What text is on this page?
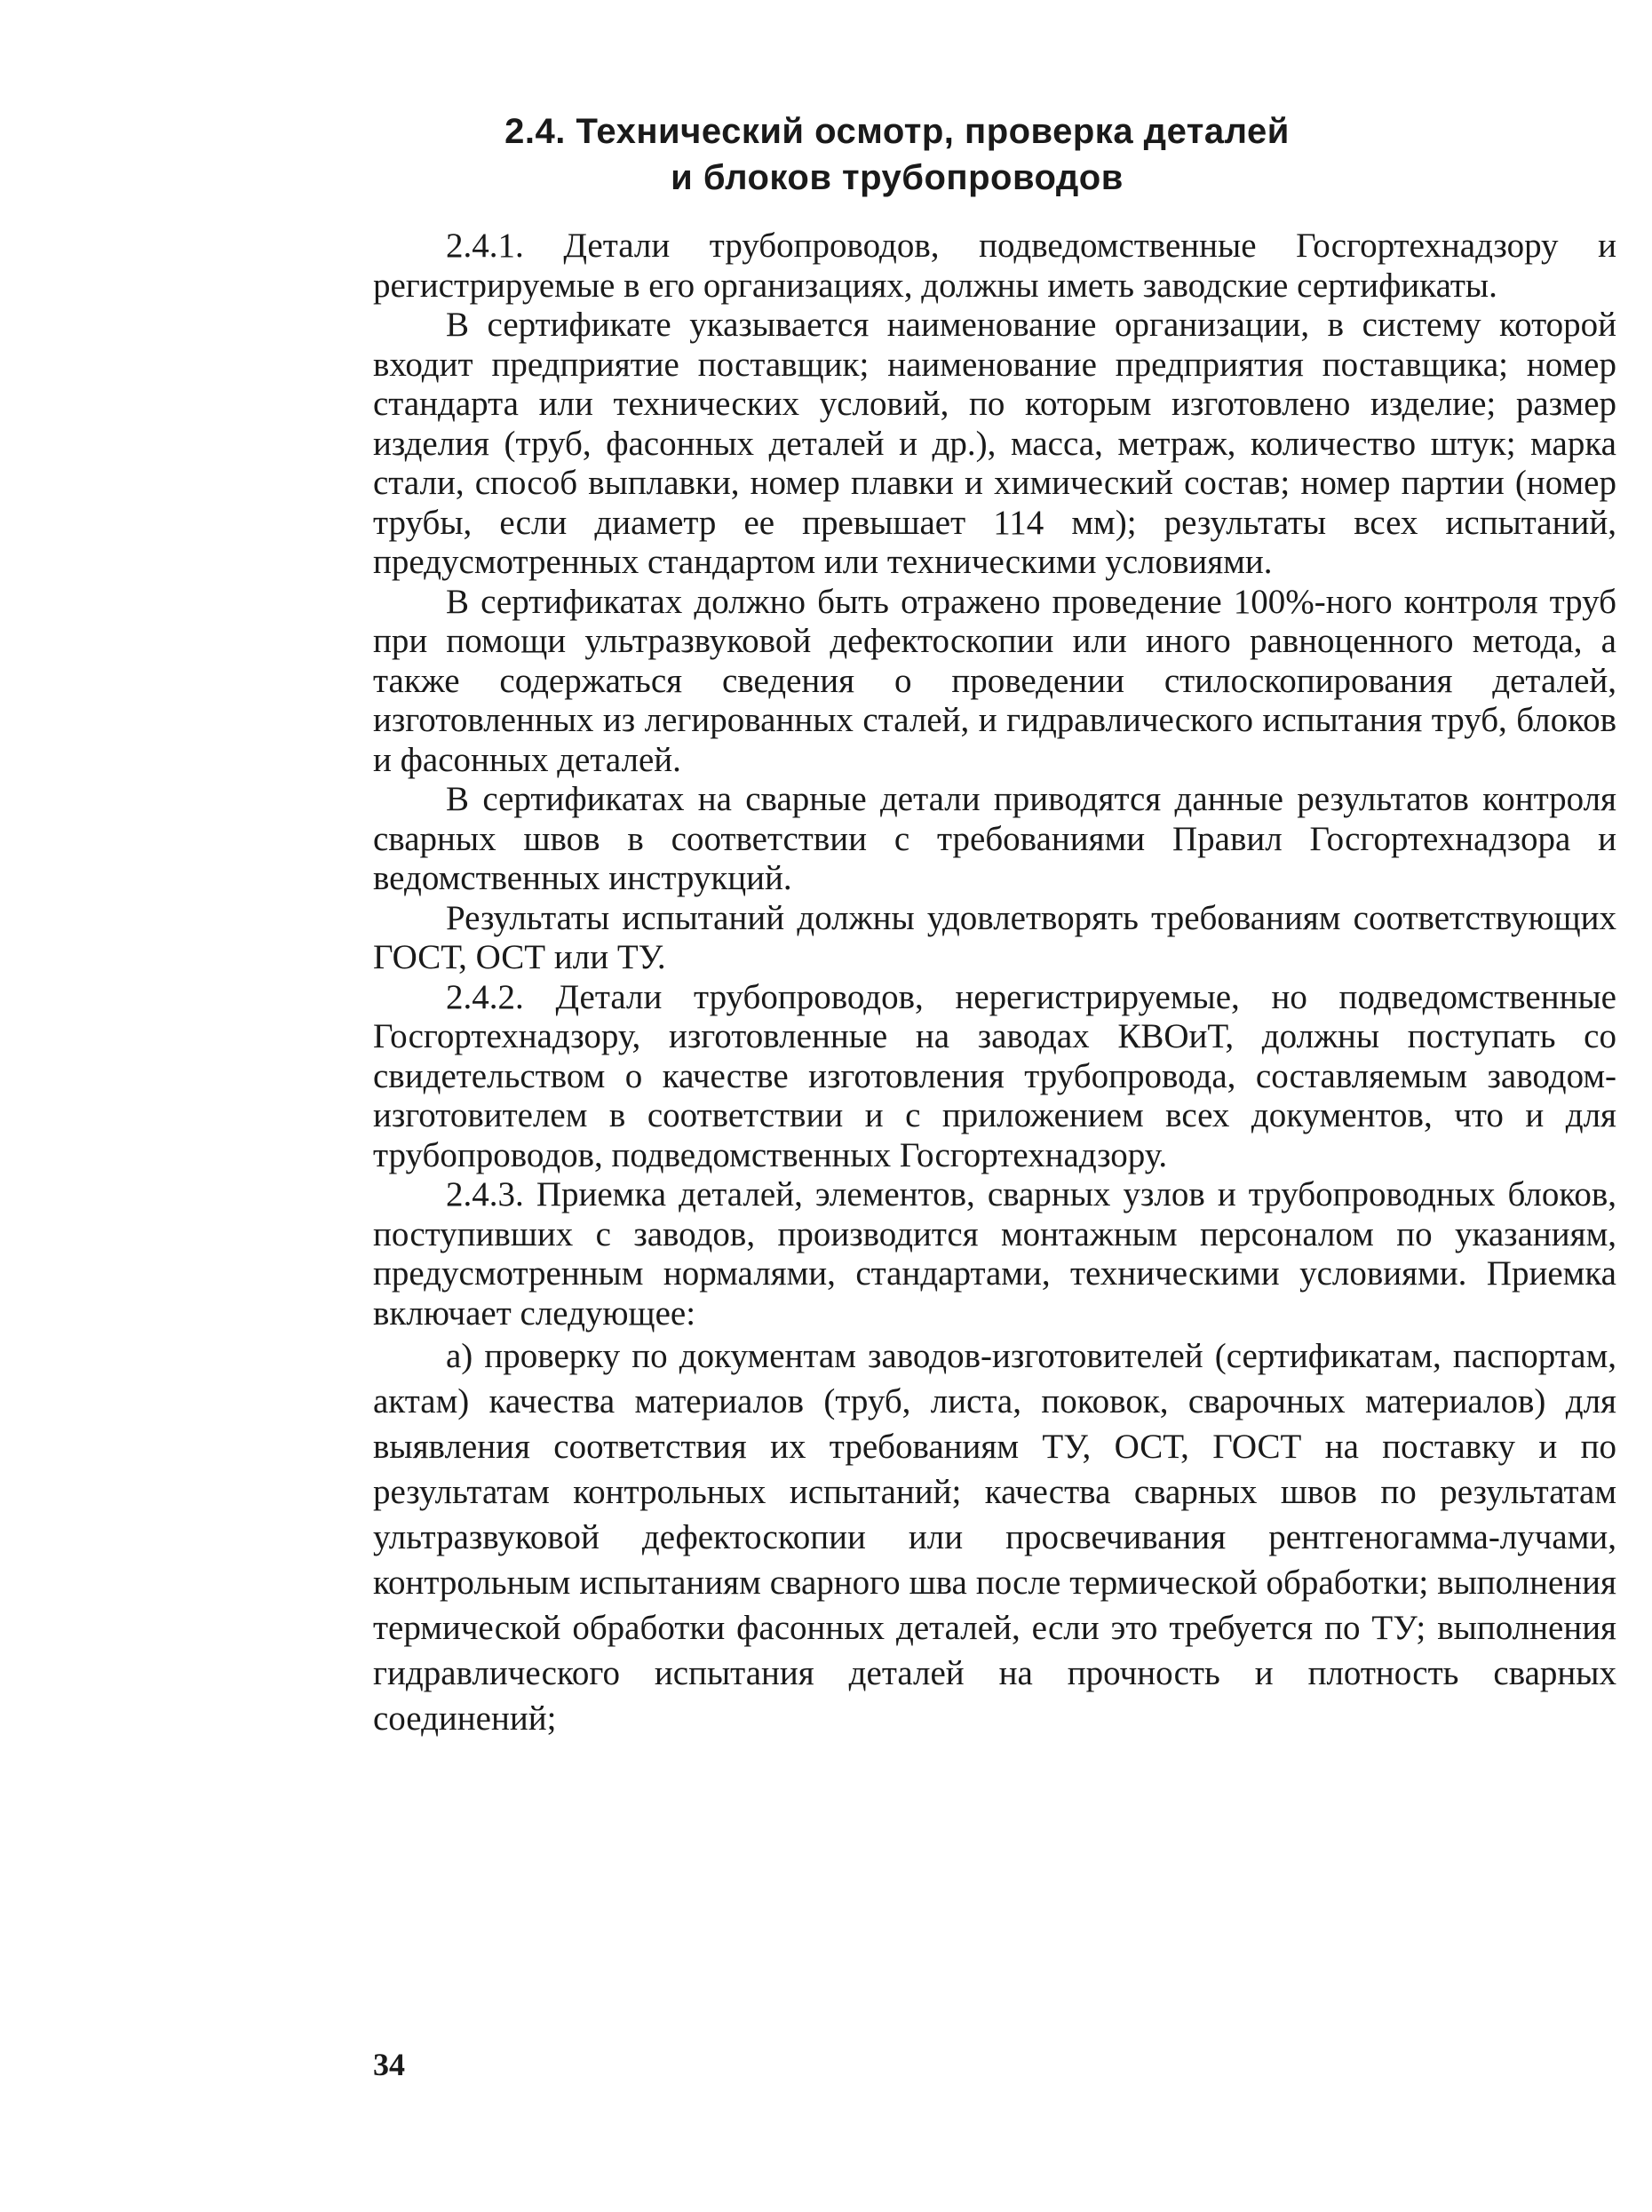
2.4. Технический осмотр, проверка деталей
и блоков трубопроводов

2.4.1. Детали трубопроводов, подведомственные Госгортехнадзору и регистрируемые в его организациях, должны иметь заводские сертификаты.

В сертификате указывается наименование организации, в систему которой входит предприятие поставщик; наименование предприятия поставщика; номер стандарта или технических условий, по которым изготовлено изделие; размер изделия (труб, фасонных деталей и др.), масса, метраж, количество штук; марка стали, способ выплавки, номер плавки и химический состав; номер партии (номер трубы, если диаметр ее превышает 114 мм); результаты всех испытаний, предусмотренных стандартом или техническими условиями.

В сертификатах должно быть отражено проведение 100%-ного контроля труб при помощи ультразвуковой дефектоскопии или иного равноценного метода, а также содержаться сведения о проведении стилоскопирования деталей, изготовленных из легированных сталей, и гидравлического испытания труб, блоков и фасонных деталей.

В сертификатах на сварные детали приводятся данные результатов контроля сварных швов в соответствии с требованиями Правил Госгортехнадзора и ведомственных инструкций.

Результаты испытаний должны удовлетворять требованиям соответствующих ГОСТ, ОСТ или ТУ.

2.4.2. Детали трубопроводов, нерегистрируемые, но подведомственные Госгортехнадзору, изготовленные на заводах КВОиТ, должны поступать со свидетельством о качестве изготовления трубопровода, составляемым заводом-изготовителем в соответствии и с приложением всех документов, что и для трубопроводов, подведомственных Госгортехнадзору.

2.4.3. Приемка деталей, элементов, сварных узлов и трубопроводных блоков, поступивших с заводов, производится монтажным персоналом по указаниям, предусмотренным нормалями, стандартами, техническими условиями. Приемка включает следующее:

а) проверку по документам заводов-изготовителей (сертификатам, паспортам, актам) качества материалов (труб, листа, поковок, сварочных материалов) для выявления соответствия их требованиям ТУ, ОСТ, ГОСТ на поставку и по результатам контрольных испытаний; качества сварных швов по результатам ультразвуковой дефектоскопии или просвечивания рентгеногамма-лучами, контрольным испытаниям сварного шва после термической обработки; выполнения термической обработки фасонных деталей, если это требуется по ТУ; выполнения гидравлического испытания деталей на прочность и плотность сварных соединений;

34
